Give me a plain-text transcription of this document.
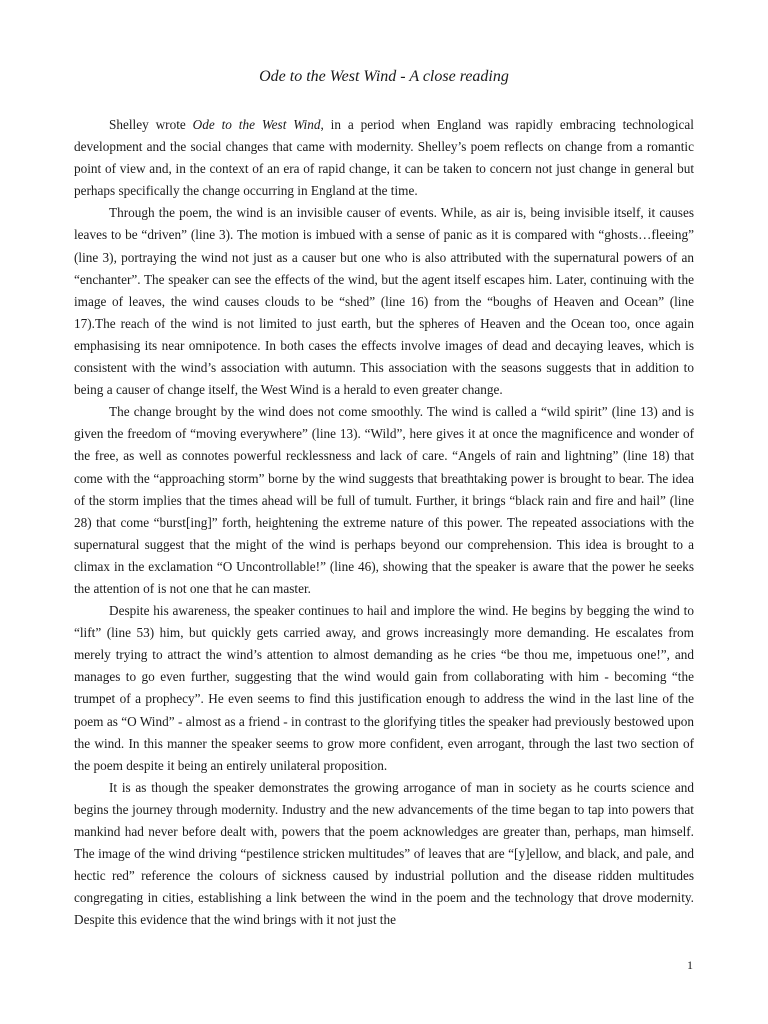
Ode to the West Wind - A close reading

Shelley wrote Ode to the West Wind, in a period when England was rapidly embracing technological development and the social changes that came with modernity. Shelley’s poem reflects on change from a romantic point of view and, in the context of an era of rapid change, it can be taken to concern not just change in general but perhaps specifically the change occurring in England at the time.

Through the poem, the wind is an invisible causer of events. While, as air is, being invisible itself, it causes leaves to be “driven” (line 3). The motion is imbued with a sense of panic as it is compared with “ghosts…fleeing” (line 3), portraying the wind not just as a causer but one who is also attributed with the supernatural powers of an “enchanter”. The speaker can see the effects of the wind, but the agent itself escapes him. Later, continuing with the image of leaves, the wind causes clouds to be “shed” (line 16) from the “boughs of Heaven and Ocean” (line 17).The reach of the wind is not limited to just earth, but the spheres of Heaven and the Ocean too, once again emphasising its near omnipotence. In both cases the effects involve images of dead and decaying leaves, which is consistent with the wind’s association with autumn. This association with the seasons suggests that in addition to being a causer of change itself, the West Wind is a herald to even greater change.

The change brought by the wind does not come smoothly. The wind is called a “wild spirit” (line 13) and is given the freedom of “moving everywhere” (line 13). “Wild”, here gives it at once the magnificence and wonder of the free, as well as connotes powerful recklessness and lack of care. “Angels of rain and lightning” (line 18) that come with the “approaching storm” borne by the wind suggests that breathtaking power is brought to bear. The idea of the storm implies that the times ahead will be full of tumult. Further, it brings “black rain and fire and hail” (line 28) that come “burst[ing]” forth, heightening the extreme nature of this power. The repeated associations with the supernatural suggest that the might of the wind is perhaps beyond our comprehension. This idea is brought to a climax in the exclamation “O Uncontrollable!” (line 46), showing that the speaker is aware that the power he seeks the attention of is not one that he can master.

Despite his awareness, the speaker continues to hail and implore the wind. He begins by begging the wind to “lift” (line 53) him, but quickly gets carried away, and grows increasingly more demanding. He escalates from merely trying to attract the wind’s attention to almost demanding as he cries “be thou me, impetuous one!”, and manages to go even further, suggesting that the wind would gain from collaborating with him - becoming “the trumpet of a prophecy”. He even seems to find this justification enough to address the wind in the last line of the poem as “O Wind” - almost as a friend - in contrast to the glorifying titles the speaker had previously bestowed upon the wind. In this manner the speaker seems to grow more confident, even arrogant, through the last two section of the poem despite it being an entirely unilateral proposition.

It is as though the speaker demonstrates the growing arrogance of man in society as he courts science and begins the journey through modernity. Industry and the new advancements of the time began to tap into powers that mankind had never before dealt with, powers that the poem acknowledges are greater than, perhaps, man himself. The image of the wind driving “pestilence stricken multitudes” of leaves that are “[y]ellow, and black, and pale, and hectic red” reference the colours of sickness caused by industrial pollution and the disease ridden multitudes congregating in cities, establishing a link between the wind in the poem and the technology that drove modernity. Despite this evidence that the wind brings with it not just the

1
